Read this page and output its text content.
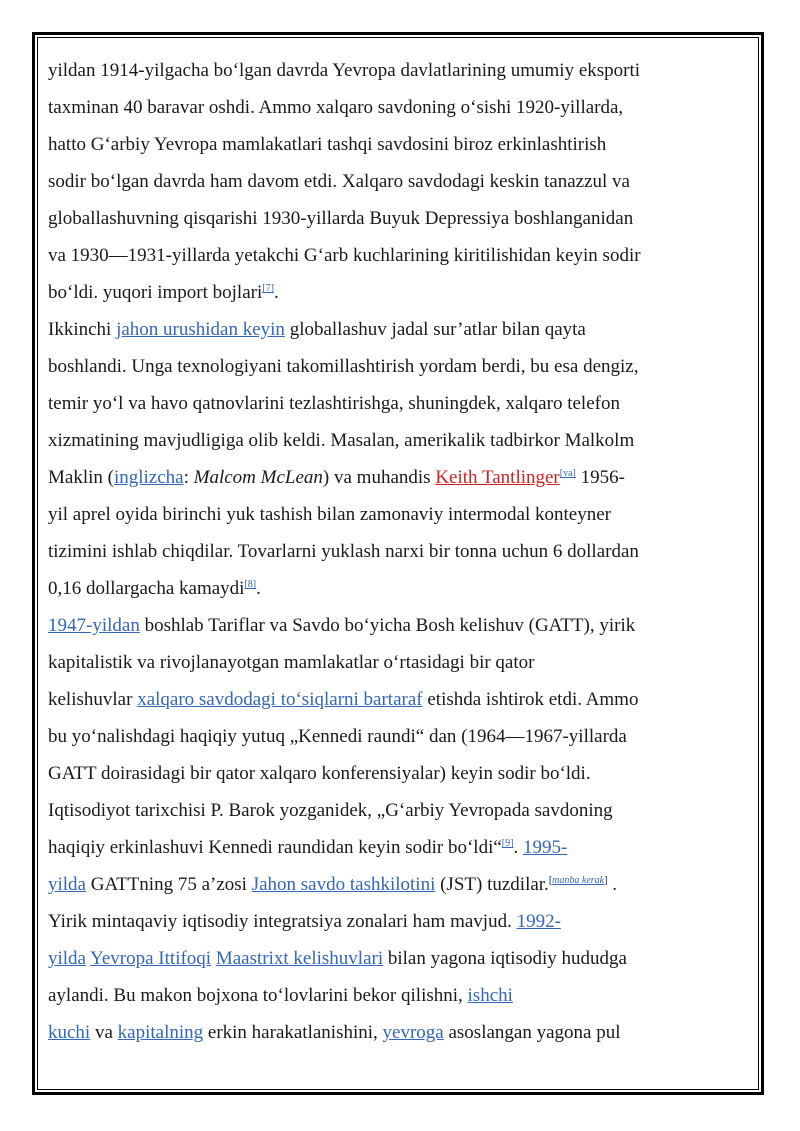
yildan 1914-yilgacha bo‘lgan davrda Yevropa davlatlarining umumiy eksporti
taxminan 40 baravar oshdi. Ammo xalqaro savdoning o‘sishi 1920-yillarda,
hatto G‘arbiy Yevropa mamlakatlari tashqi savdosini biroz erkinlashtirish
sodir bo‘lgan davrda ham davom etdi. Xalqaro savdodagi keskin tanazzul va
globallashuvning qisqarishi 1930-yillarda Buyuk Depressiya boshlanganidan
va 1930—1931-yillarda yetakchi G‘arb kuchlarining kiritilishidan keyin sodir
bo‘ldi. yuqori import bojlari[7].
Ikkinchi jahon urushidan keyin globallashuv jadal sur’atlar bilan qayta
boshlandi. Unga texnologiyani takomillashtirish yordam berdi, bu esa dengiz,
temir yo‘l va havo qatnovlarini tezlashtirishga, shuningdek, xalqaro telefon
xizmatining mavjudligiga olib keldi. Masalan, amerikalik tadbirkor Malkolm
Maklin (inglizcha: Malcom McLean) va muhandis Keith Tantlinger[va] 1956-
yil aprel oyida birinchi yuk tashish bilan zamonaviy intermodal konteyner
tizimini ishlab chiqdilar. Tovarlarni yuklash narxi bir tonna uchun 6 dollardan
0,16 dollargacha kamaydi[8].
1947-yildan boshlab Tariflar va Savdo bo‘yicha Bosh kelishuv (GATT), yirik
kapitalistik va rivojlanayotgan mamlakatlar o‘rtasidagi bir qator
kelishuvlar xalqaro savdodagi to‘siqlarni bartaraf etishda ishtirok etdi. Ammo
bu yo‘nalishdagi haqiqiy yutuq „Kennedi raundi“ dan (1964—1967-yillarda
GATT doirasidagi bir qator xalqaro konferensiyalar) keyin sodir bo‘ldi.
Iqtisodiyot tarixchisi P. Barok yozganidek, „G‘arbiy Yevropada savdoning
haqiqiy erkinlashuvi Kennedi raundidan keyin sodir bo‘ldi“[9]. 1995-
yilda GATTning 75 a’zosi Jahon savdo tashkilotini (JST) tuzdilar.[manba kerak] .
Yirik mintaqaviy iqtisodiy integratsiya zonalari ham mavjud. 1992-
yilda Yevropa Ittifoqi Maastrixt kelishuvlari bilan yagona iqtisodiy hududga
aylandi. Bu makon bojxona to‘lovlarini bekor qilishni, ishchi
kuchi va kapitalning erkin harakatlanishini, yevroga asoslangan yagona pul
